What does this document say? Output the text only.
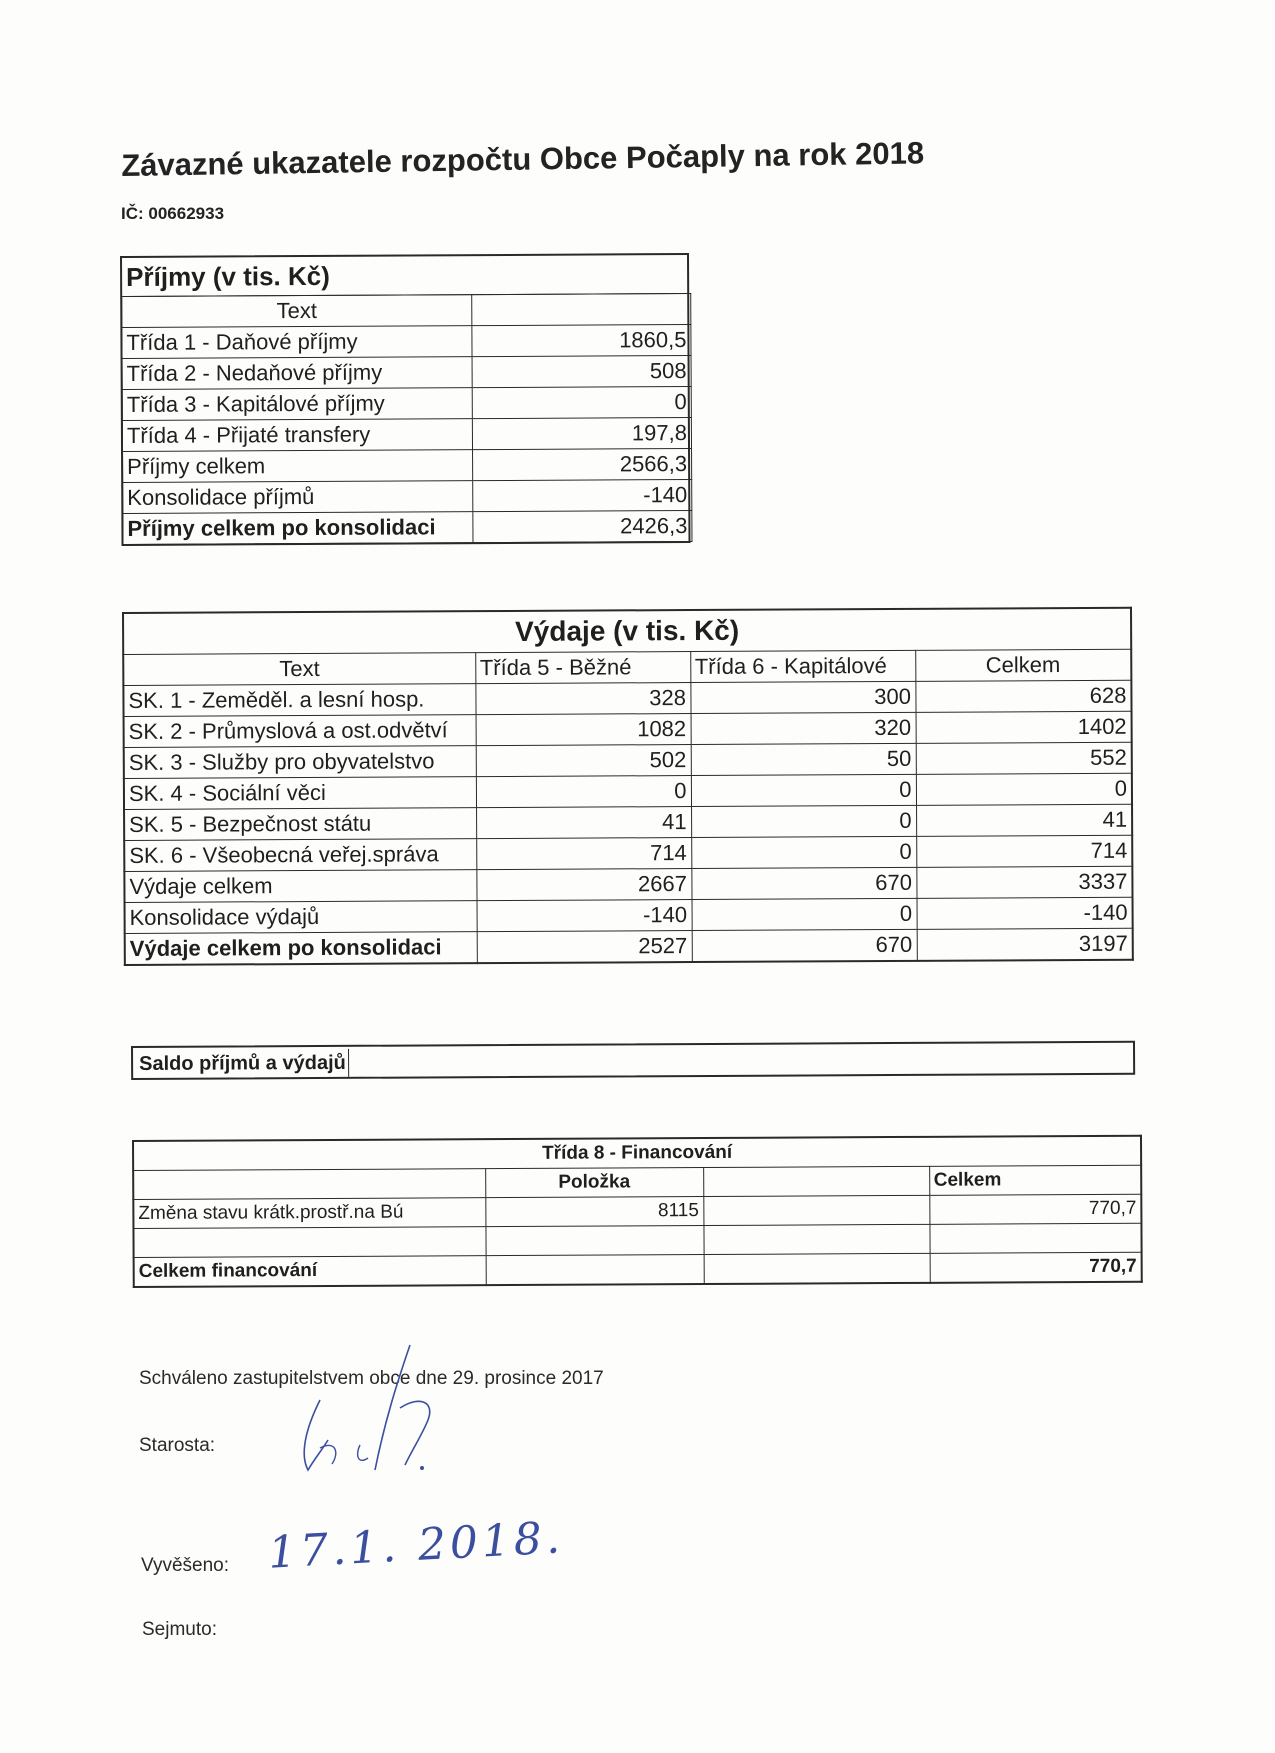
Závazné ukazatele rozpočtu Obce Počaply na rok 2018
IČ: 00662933
Příjmy (v tis. Kč)
Text	
Třída 1 - Daňové příjmy	1860,5
Třída 2 - Nedaňové příjmy	508
Třída 3 - Kapitálové příjmy	0
Třída 4 - Přijaté transfery	197,8
Příjmy celkem	2566,3
Konsolidace příjmů	-140
Příjmy celkem po konsolidaci	2426,3
Výdaje (v tis. Kč)			
Text	Třída 5 - Běžné	Třída 6 - Kapitálové	Celkem
SK. 1 - Zeměděl. a lesní hosp.	328	300	628
SK. 2 - Průmyslová a ost.odvětví	1082	320	1402
SK. 3 - Služby pro obyvatelstvo	502	50	552
SK. 4 - Sociální věci	0	0	0
SK. 5 - Bezpečnost státu	41	0	41
SK. 6 - Všeobecná veřej.správa	714	0	714
Výdaje celkem	2667	670	3337
Konsolidace výdajů	-140	0	-140
Výdaje celkem po konsolidaci	2527	670	3197
Saldo příjmů a výdajů
Třída 8 - Financování			
	Položka		Celkem
Změna stavu krátk.prostř.na Bú	8115		770,7

Celkem financování			770,7
Schváleno zastupitelstvem obce dne 29. prosince 2017
Starosta:
Vyvěšeno:
Sejmuto:
17.1. 2018.
